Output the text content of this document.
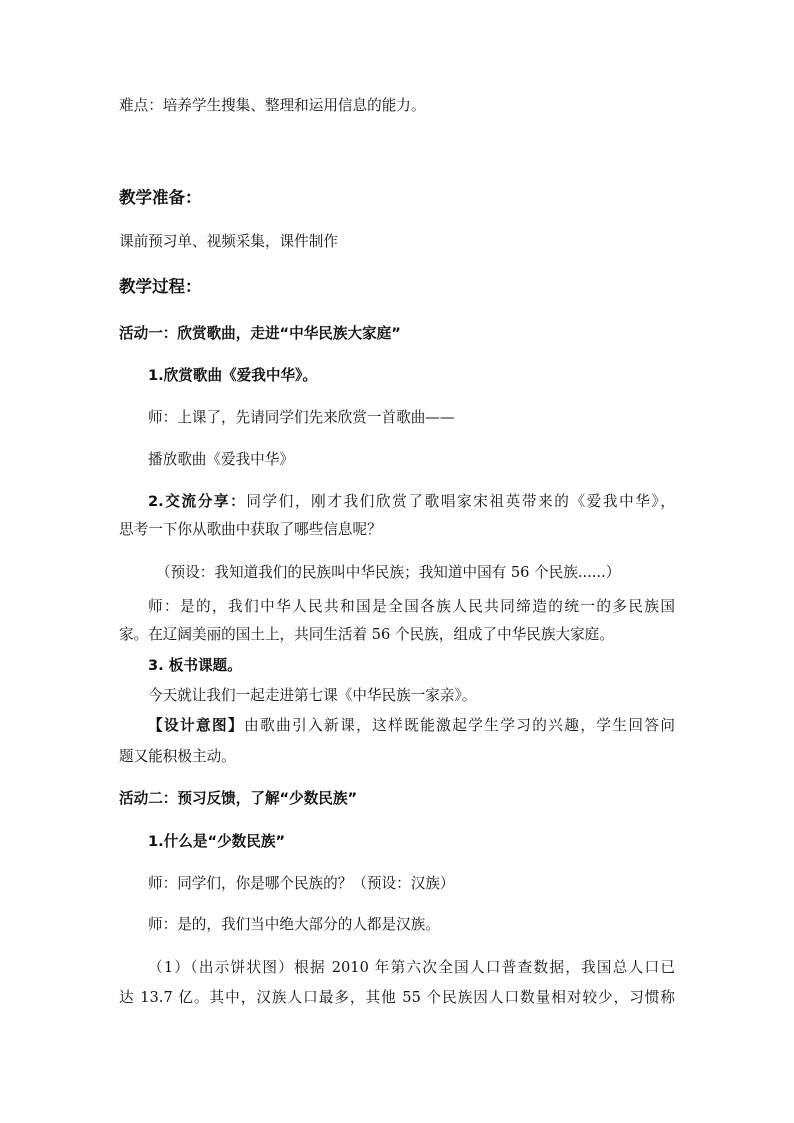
难点：培养学生搜集、整理和运用信息的能力。
教学准备：
课前预习单、视频采集，课件制作
教学过程：
活动一：欣赏歌曲，走进“中华民族大家庭”
1.欣赏歌曲《爱我中华》。
师：上课了，先请同学们先来欣赏一首歌曲——
播放歌曲《爱我中华》
2.交流分享：同学们，刚才我们欣赏了歌唱家宋祖英带来的《爱我中华》，
思考一下你从歌曲中获取了哪些信息呢？
（预设：我知道我们的民族叫中华民族；我知道中国有 56 个民族......）
师：是的，我们中华人民共和国是全国各族人民共同缔造的统一的多民族国
家。在辽阔美丽的国土上，共同生活着 56 个民族，组成了中华民族大家庭。
3. 板书课题。
今天就让我们一起走进第七课《中华民族一家亲》。
【设计意图】由歌曲引入新课，这样既能激起学生学习的兴趣，学生回答问
题又能积极主动。
活动二：预习反馈，了解“少数民族”
1.什么是“少数民族”
师：同学们，你是哪个民族的？（预设：汉族）
师：是的，我们当中绝大部分的人都是汉族。
（1）（出示饼状图）根据 2010 年第六次全国人口普查数据，我国总人口已
达 13.7 亿。其中，汉族人口最多，其他 55 个民族因人口数量相对较少，习惯称
